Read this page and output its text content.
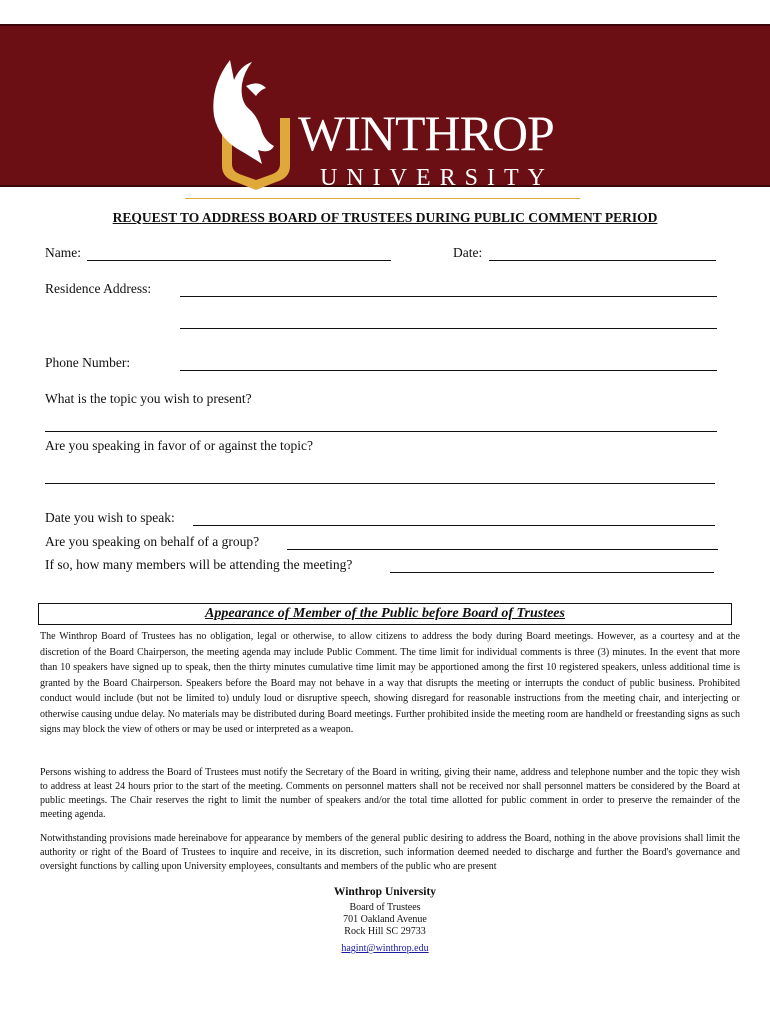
WINTHROP
UNIVERSITY
REQUEST TO ADDRESS BOARD OF TRUSTEES DURING PUBLIC COMMENT PERIOD
Name:	Date:
Residence Address:
Phone Number:
What is the topic you wish to present?
Are you speaking in favor of or against the topic?
Date you wish to speak:
Are you speaking on behalf of a group?
If so, how many members will be attending the meeting?
Appearance of Member of the Public before Board of Trustees
The Winthrop Board of Trustees has no obligation, legal or otherwise, to allow citizens to address the body during Board meetings. However, as a courtesy and at the discretion of the Board Chairperson, the meeting agenda may include Public Comment. The time limit for individual comments is three (3) minutes. In the event that more than 10 speakers have signed up to speak, then the thirty minutes cumulative time limit may be apportioned among the first 10 registered speakers, unless additional time is granted by the Board Chairperson. Speakers before the Board may not behave in a way that disrupts the meeting or interrupts the conduct of public business. Prohibited conduct would include (but not be limited to) unduly loud or disruptive speech, showing disregard for reasonable instructions from the meeting chair, and interjecting or otherwise causing undue delay. No materials may be distributed during Board meetings. Further prohibited inside the meeting room are handheld or freestanding signs as such signs may block the view of others or may be used or interpreted as a weapon.
Persons wishing to address the Board of Trustees must notify the Secretary of the Board in writing, giving their name, address and telephone number and the topic they wish to address at least 24 hours prior to the start of the meeting. Comments on personnel matters shall not be received nor shall personnel matters be considered by the Board at public meetings. The Chair reserves the right to limit the number of speakers and/or the total time allotted for public comment in order to preserve the remainder of the meeting agenda.
Notwithstanding provisions made hereinabove for appearance by members of the general public desiring to address the Board, nothing in the above provisions shall limit the authority or right of the Board of Trustees to inquire and receive, in its discretion, such information deemed needed to discharge and further the Board's governance and oversight functions by calling upon University employees, consultants and members of the public who are present
Winthrop University
Board of Trustees
701 Oakland Avenue
Rock Hill SC 29733
hagint@winthrop.edu
